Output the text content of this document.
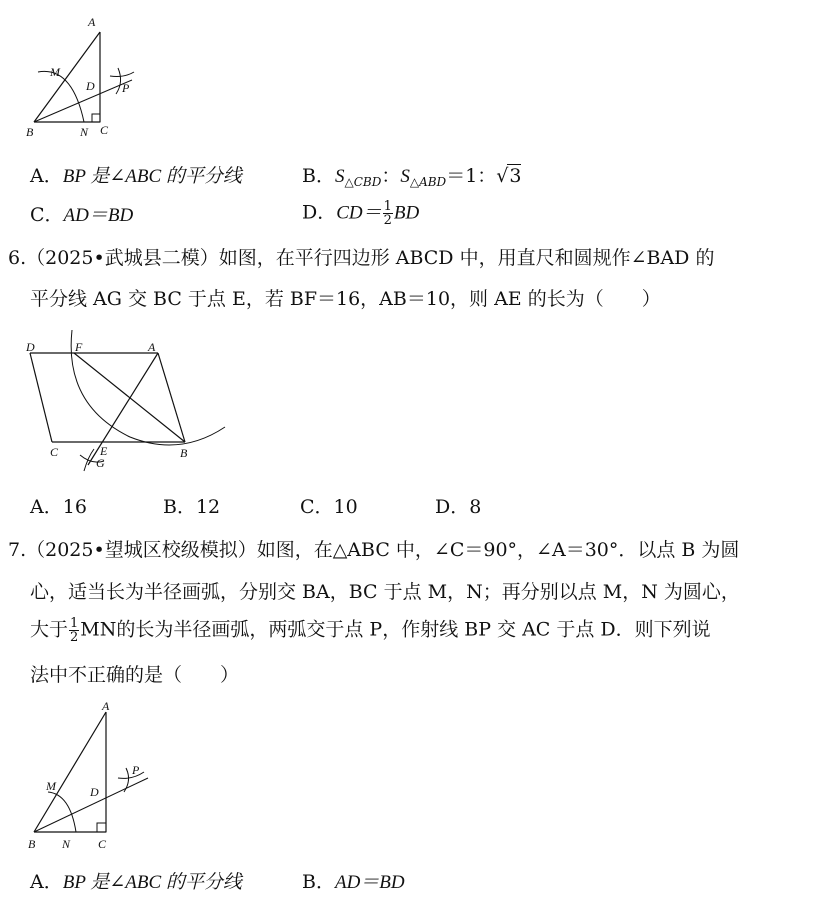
A
M
D P
B	N C
A．BP 是∠ABC 的平分线	B．$S_{\triangle CBD}$：$S_{\triangle ABD}=1$：√3
C．AD＝BD	D．$CD= \frac{1}{2}$ BD
6.（2025•武城县二模）如图，在平行四边形 ABCD 中，用直尺和圆规作∠BAD 的
平分线 AG 交 BC 于点 E，若 BF＝16，AB＝10，则 AE 的长为（　　）
D	F	A
C	E
G
B
A．16	B．12	C．10	D．8
7.（2025•望城区校级模拟）如图，在△ABC 中，∠C＝90°，∠A＝30°．以点 B 为圆
心，适当长为半径画弧，分别交 BA，BC 于点 M，N；再分别以点 M，N 为圆心，
大于 $\frac{1}{2}$ MN的长为半径画弧，两弧交于点 P，作射线 BP 交 AC 于点 D．则下列说
法中不正确的是（　　）
A
M	D
P
B N C
A．BP 是∠ABC 的平分线	B．AD＝BD
